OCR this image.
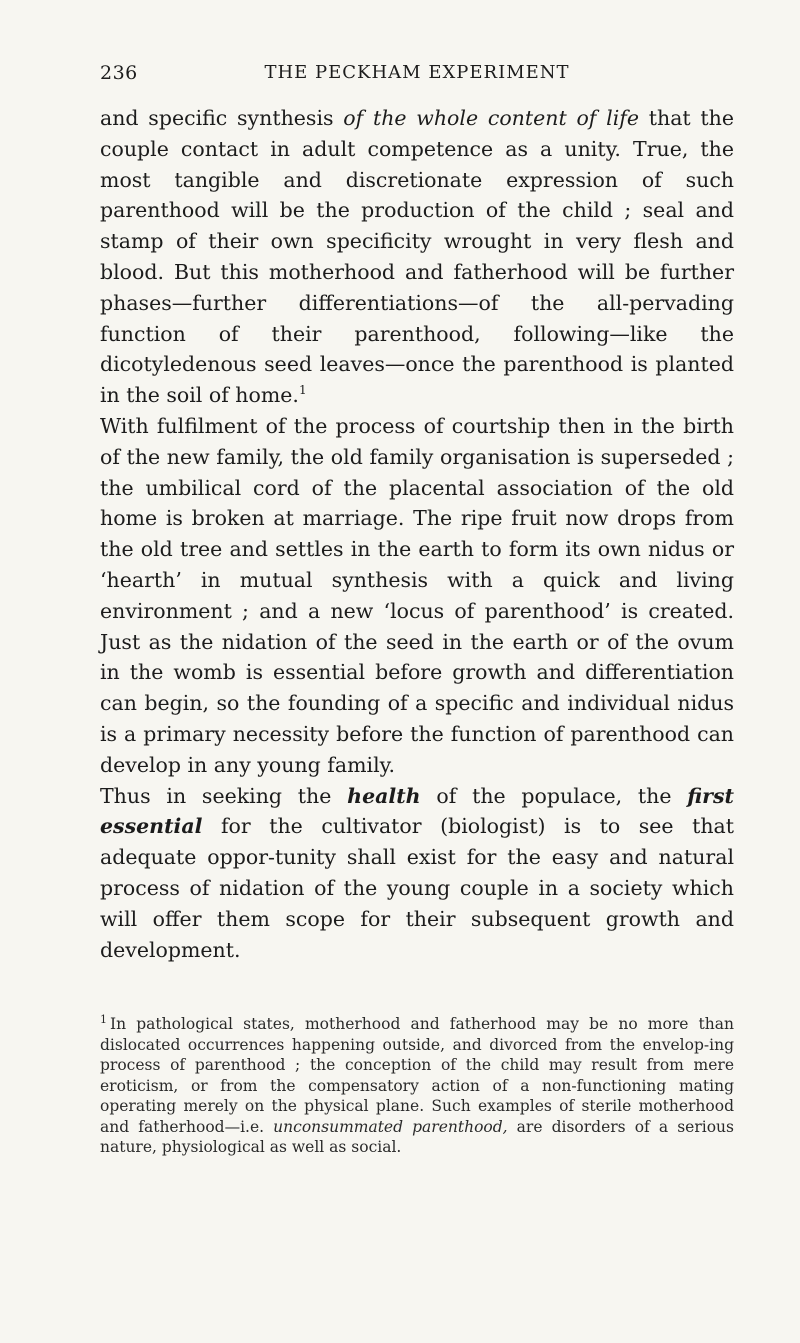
236	THE PECKHAM EXPERIMENT

and specific synthesis of the whole content of life that the couple contact in adult competence as a unity. True, the most tangible and discretionate expression of such parenthood will be the production of the child ; seal and stamp of their own specificity wrought in very flesh and blood. But this motherhood and fatherhood will be further phases—further differentiations—of the all-pervading function of their parenthood, following—like the dicotyledenous seed leaves—once the parenthood is planted in the soil of home.$^1$

With fulfilment of the process of courtship then in the birth of the new family, the old family organisation is superseded ; the umbilical cord of the placental association of the old home is broken at marriage. The ripe fruit now drops from the old tree and settles in the earth to form its own nidus or ‘hearth’ in mutual synthesis with a quick and living environment ; and a new ‘locus of parenthood’ is created. Just as the nidation of the seed in the earth or of the ovum in the womb is essential before growth and differentiation can begin, so the founding of a specific and individual nidus is a primary necessity before the function of parenthood can develop in any young family.

Thus in seeking the health of the populace, the first essential for the cultivator (biologist) is to see that adequate oppor-tunity shall exist for the easy and natural process of nidation of the young couple in a society which will offer them scope for their subsequent growth and development.

$^1$ In pathological states, motherhood and fatherhood may be no more than dislocated occurrences happening outside, and divorced from the envelop-ing process of parenthood ; the conception of the child may result from mere eroticism, or from the compensatory action of a non-functioning mating operating merely on the physical plane. Such examples of sterile motherhood and fatherhood—i.e. unconsummated parenthood, are disorders of a serious nature, physiological as well as social.
